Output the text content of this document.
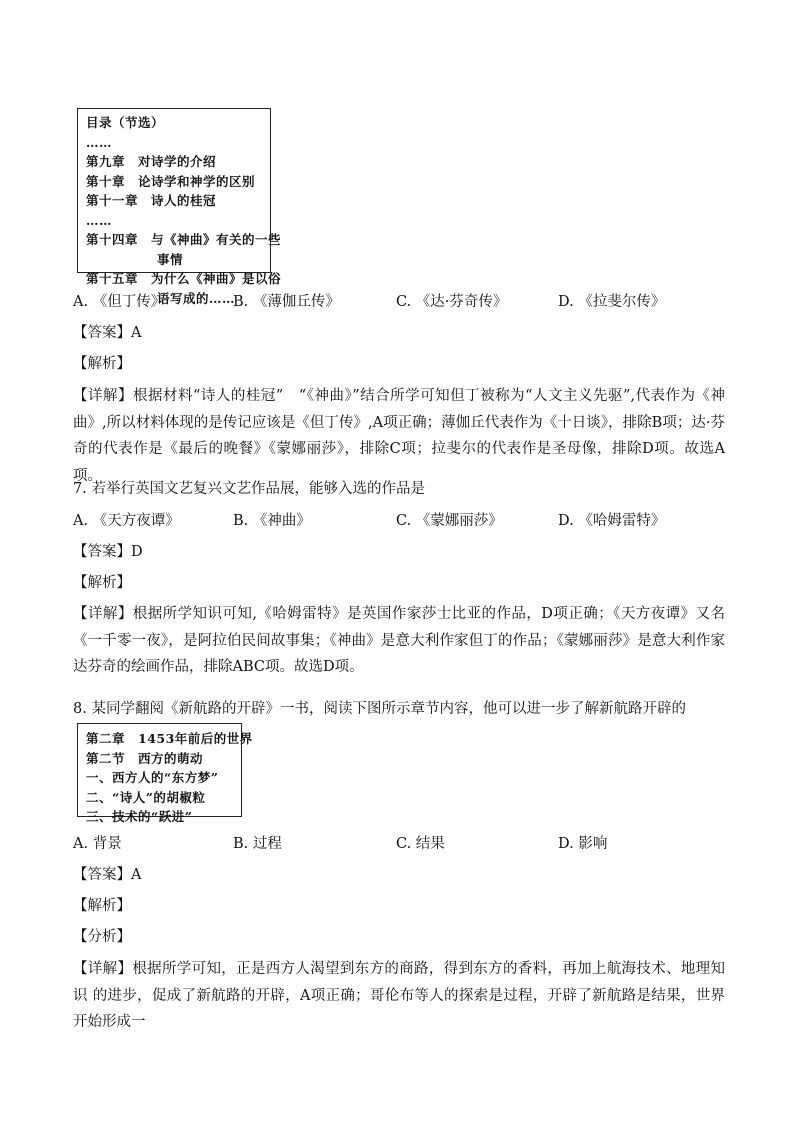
目录（节选）
……
第九章　对诗学的介绍
第十章　论诗学和神学的区别
第十一章　诗人的桂冠
……
第十四章　与《神曲》有关的一些
事情
第十五章　为什么《神曲》是以俗
语写成的……
A. 《但丁传》	B. 《薄伽丘传》	C. 《达·芬奇传》	D. 《拉斐尔传》
【答案】A
【解析】
【详解】根据材料“诗人的桂冠”　“《神曲》”结合所学可知但丁被称为“人文主义先驱”,代表作为《神曲》,所以材料体现的是传记应该是《但丁传》,A项正确；薄伽丘代表作为《十日谈》，排除B项；达·芬奇的代表作是《最后的晚餐》《蒙娜丽莎》，排除C项；拉斐尔的代表作是圣母像，排除D项。故选A项。
7. 若举行英国文艺复兴文艺作品展，能够入选的作品是
A. 《天方夜谭》	B. 《神曲》	C. 《蒙娜丽莎》	D. 《哈姆雷特》
【答案】D
【解析】
【详解】根据所学知识可知,《哈姆雷特》是英国作家莎士比亚的作品，D项正确；《天方夜谭》又名《一千零一夜》，是阿拉伯民间故事集；《神曲》是意大利作家但丁的作品；《蒙娜丽莎》是意大利作家达芬奇的绘画作品，排除ABC项。故选D项。
8. 某同学翻阅《新航路的开辟》一书，阅读下图所示章节内容，他可以进一步了解新航路开辟的
第二章　1453年前后的世界
第二节　西方的萌动
一、西方人的“东方梦”
二、“诗人”的胡椒粒
三、技术的“跃进”
A. 背景	B. 过程	C. 结果	D. 影响
【答案】A
【解析】
【分析】
【详解】根据所学可知，正是西方人渴望到东方的商路，得到东方的香料，再加上航海技术、地理知识 的进步，促成了新航路的开辟，A项正确；哥伦布等人的探索是过程，开辟了新航路是结果，世界开始形成一
